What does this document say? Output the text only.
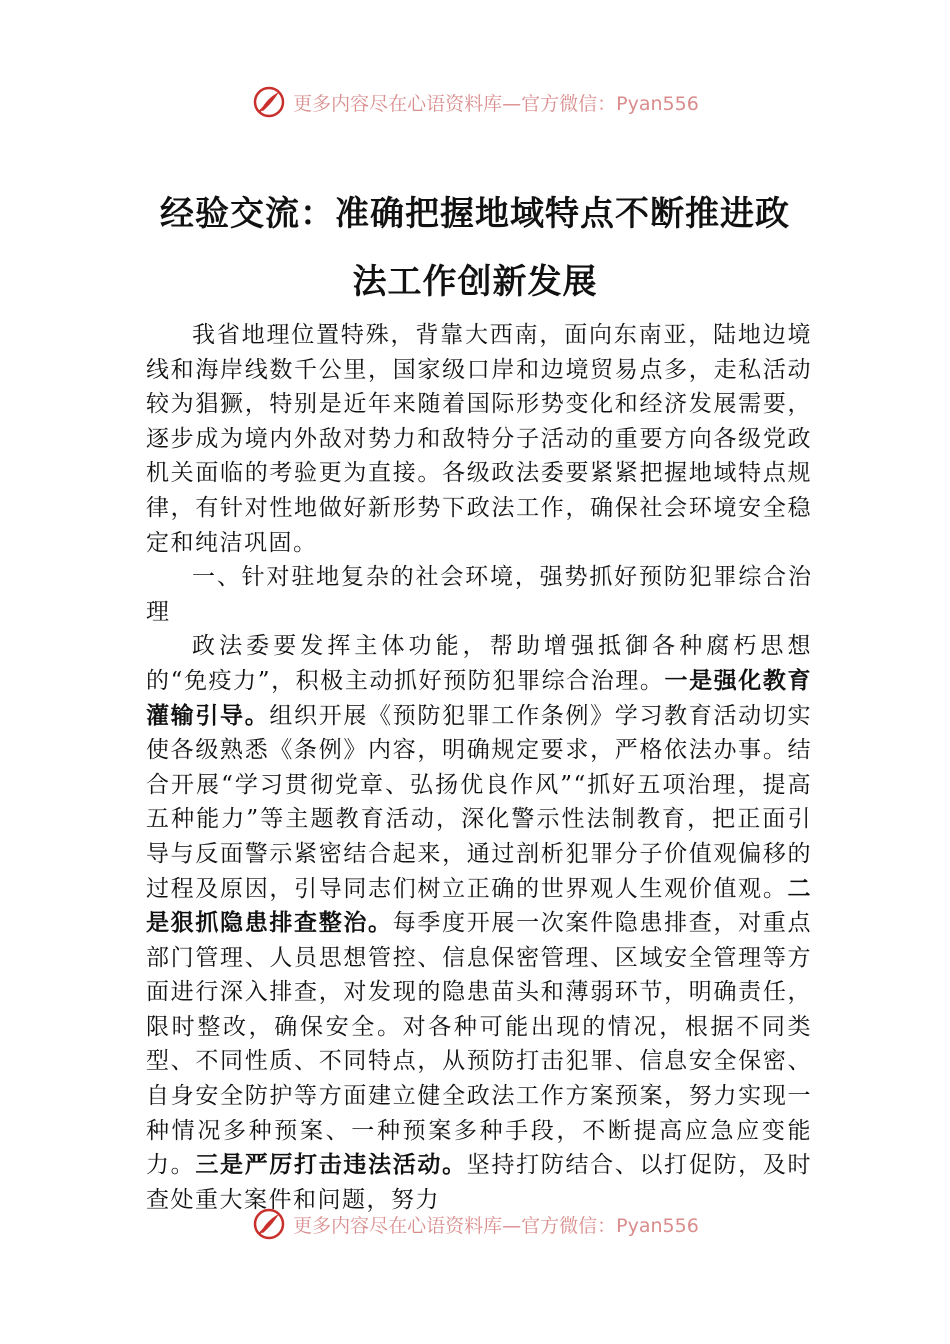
更多内容尽在心语资料库—官方微信：Pyan556
经验交流：准确把握地域特点不断推进政
法工作创新发展

我省地理位置特殊，背靠大西南，面向东南亚，陆地边境线和海岸线数千公里，国家级口岸和边境贸易点多，走私活动较为猖獗，特别是近年来随着国际形势变化和经济发展需要，逐步成为境内外敌对势力和敌特分子活动的重要方向各级党政机关面临的考验更为直接。各级政法委要紧紧把握地域特点规律，有针对性地做好新形势下政法工作，确保社会环境安全稳定和纯洁巩固。

一、针对驻地复杂的社会环境，强势抓好预防犯罪综合治理

政法委要发挥主体功能，帮助增强抵御各种腐朽思想的“免疫力”，积极主动抓好预防犯罪综合治理。一是强化教育灌输引导。组织开展《预防犯罪工作条例》学习教育活动切实使各级熟悉《条例》内容，明确规定要求，严格依法办事。结合开展“学习贯彻党章、弘扬优良作风”“抓好五项治理，提高五种能力”等主题教育活动，深化警示性法制教育，把正面引导与反面警示紧密结合起来，通过剖析犯罪分子价值观偏移的过程及原因，引导同志们树立正确的世界观人生观价值观。二是狠抓隐患排查整治。每季度开展一次案件隐患排查，对重点部门管理、人员思想管控、信息保密管理、区域安全管理等方面进行深入排查，对发现的隐患苗头和薄弱环节，明确责任，限时整改，确保安全。对各种可能出现的情况，根据不同类型、不同性质、不同特点，从预防打击犯罪、信息安全保密、自身安全防护等方面建立健全政法工作方案预案，努力实现一种情况多种预案、一种预案多种手段，不断提高应急应变能力。三是严厉打击违法活动。坚持打防结合、以打促防，及时查处重大案件和问题，努力

更多内容尽在心语资料库—官方微信：Pyan556
